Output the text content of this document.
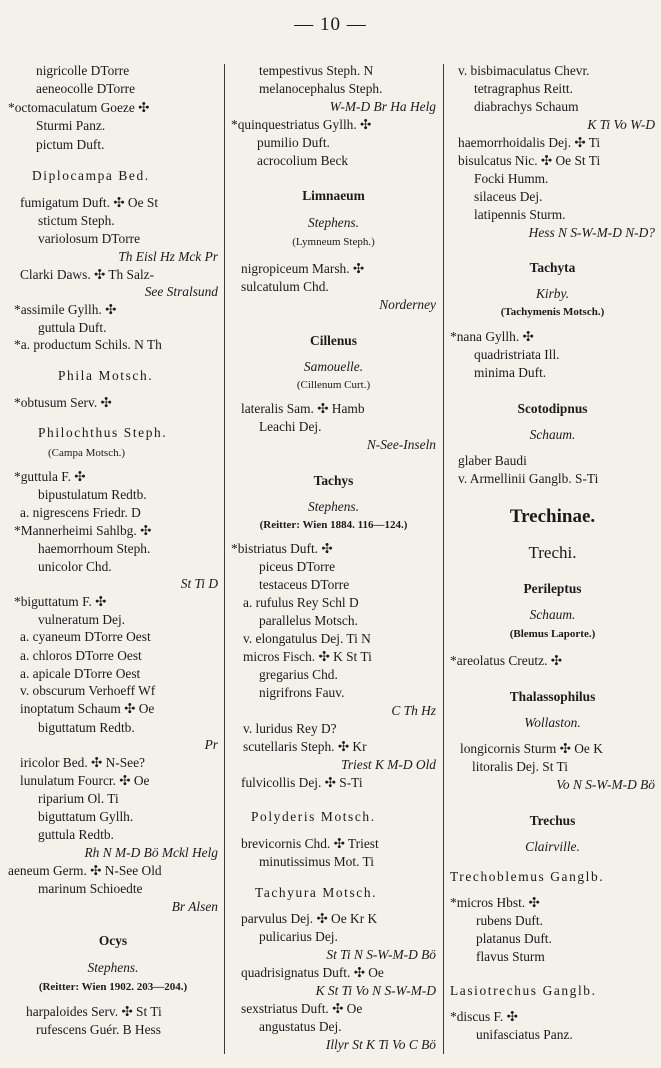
— 10 —
nigricolle DTorre
aeneocolle DTorre
*octomaculatum Goeze ✣
Sturmi Panz.
pictum Duft.
Diplocampa Bed.
fumigatum Duft. ✣ Oe St
stictum Steph.
variolosum DTorre
Th Eisl Hz Mck Pr
Clarki Daws. ✣ Th Salz-
See Stralsund
*assimile Gyllh. ✣
guttula Duft.
*a. productum Schils. N Th
Phila Motsch.
*obtusum Serv. ✣
Philochthus Steph.
(Campa Motsch.)
*guttula F. ✣
bipustulatum Redtb.
a. nigrescens Friedr. D
*Mannerheimi Sahlbg. ✣
haemorrhoum Steph.
unicolor Chd.
St Ti D
*biguttatum F. ✣
vulneratum Dej.
a. cyaneum DTorre Oest
a. chloros DTorre Oest
a. apicale DTorre Oest
v. obscurum Verhoeff Wf
inoptatum Schaum ✣ Oe
biguttatum Redtb.
Pr
iricolor Bed. ✣ N-See?
lunulatum Fourcr. ✣ Oe
riparium Ol. Ti
biguttatum Gyllh.
guttula Redtb.
Rh N M-D Bö Mckl Helg
aeneum Germ. ✣ N-See Old
marinum Schioedte
Br Alsen
Ocys
Stephens.
(Reitter: Wien 1902. 203—204.)
harpaloides Serv. ✣ St Ti
rufescens Guér. B Hess
tempestivus Steph. N
melanocephalus Steph.
W-M-D Br Ha Helg
*quinquestriatus Gyllh. ✣
pumilio Duft.
acrocolium Beck
Limnaeum
Stephens.
(Lymneum Steph.)
nigropiceum Marsh. ✣
sulcatulum Chd.
Norderney
Cillenus
Samouelle.
(Cillenum Curt.)
lateralis Sam. ✣ Hamb
Leachi Dej.
N-See-Inseln
Tachys
Stephens.
(Reitter: Wien 1884. 116—124.)
*bistriatus Duft. ✣
piceus DTorre
testaceus DTorre
a. rufulus Rey Schl D
parallelus Motsch.
v. elongatulus Dej. Ti N
micros Fisch. ✣ K St Ti
gregarius Chd.
nigrifrons Fauv.
C Th Hz
v. luridus Rey D?
scutellaris Steph. ✣ Kr
Triest K M-D Old
fulvicollis Dej. ✣ S-Ti
Polyderis Motsch.
brevicornis Chd. ✣ Triest
minutissimus Mot. Ti
Tachyura Motsch.
parvulus Dej. ✣ Oe Kr K
pulicarius Dej.
St Ti N S-W-M-D Bö
quadrisignatus Duft. ✣ Oe
K St Ti Vo N S-W-M-D
sexstriatus Duft. ✣ Oe
angustatus Dej.
Illyr St K Ti Vo C Bö
v. bisbimaculatus Chevr.
tetragraphus Reitt.
diabrachys Schaum
K Ti Vo W-D
haemorrhoidalis Dej. ✣ Ti
bisulcatus Nic. ✣ Oe St Ti
Focki Humm.
silaceus Dej.
latipennis Sturm.
Hess N S-W-M-D N-D?
Tachyta
Kirby.
(Tachymenis Motsch.)
*nana Gyllh. ✣
quadristriata Ill.
minima Duft.
Scotodipnus
Schaum.
glaber Baudi
v. Armellinii Ganglb. S-Ti
Trechinae.
Trechi.
Perileptus
Schaum.
(Blemus Laporte.)
*areolatus Creutz. ✣
Thalassophilus
Wollaston.
longicornis Sturm ✣ Oe K
litoralis Dej. St Ti
Vo N S-W-M-D Bö
Trechus
Clairville.
Trechoblemus Ganglb.
*micros Hbst. ✣
rubens Duft.
platanus Duft.
flavus Sturm
Lasiotrechus Ganglb.
*discus F. ✣
unifasciatus Panz.
